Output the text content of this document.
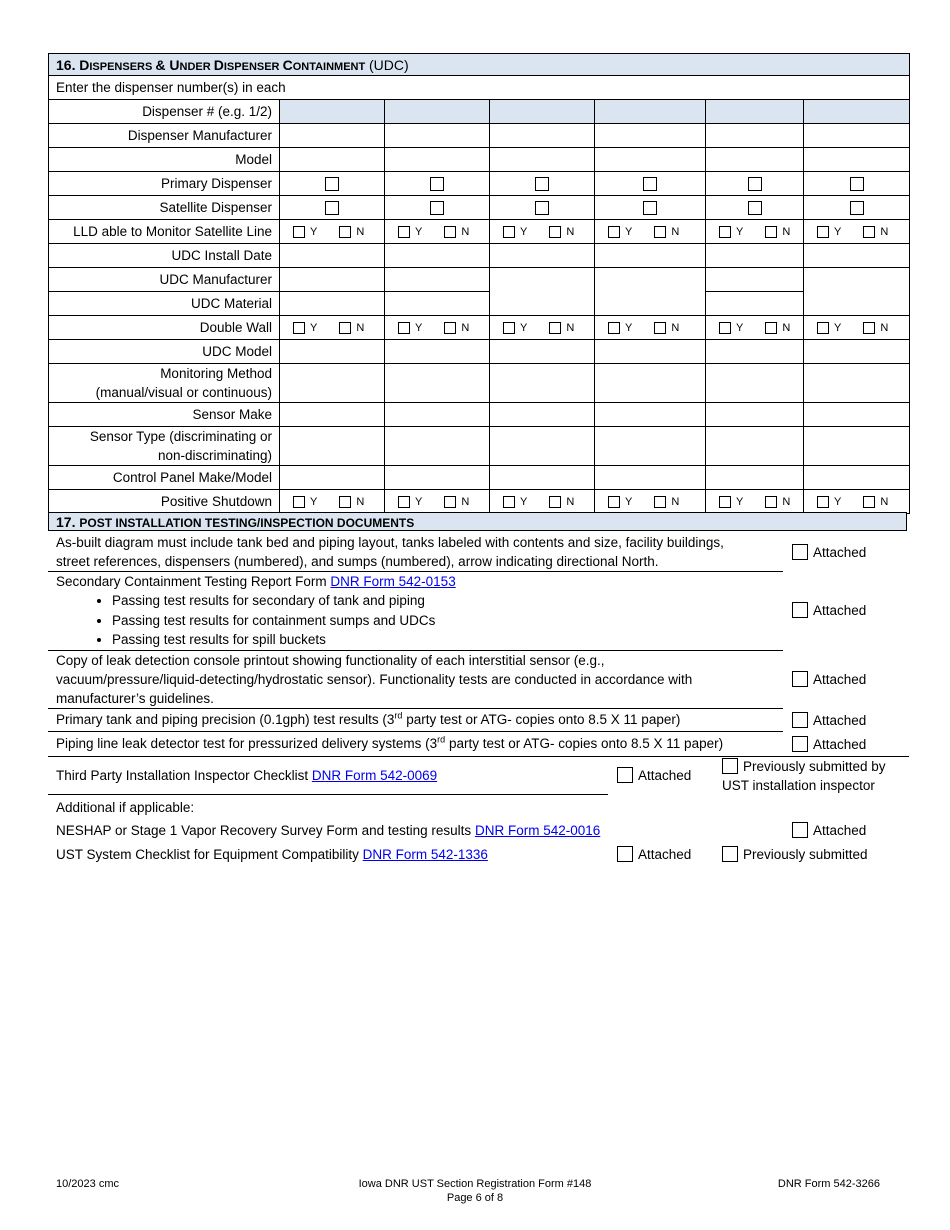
16. DISPENSERS & UNDER DISPENSER CONTAINMENT (UDC)						
Enter the dispenser number(s) in each						
Dispenser # (e.g. 1/2)						
Dispenser Manufacturer						
Model						
Primary Dispenser						
Satellite Dispenser						
LLD able to Monitor Satellite Line	Y N	Y N	Y N	Y N	Y N	Y N

UDC Install Date						
UDC Manufacturer						
UDC Material						
Double Wall	Y N	Y N	Y N	Y N	Y N	Y N

UDC Model						
Monitoring Method
(manual/visual or continuous)						
Sensor Make						
Sensor Type (discriminating or
non-discriminating)						
Control Panel Make/Model						
Positive Shutdown	Y N	Y N	Y N	Y N	Y N	Y N
17. POST INSTALLATION TESTING/INSPECTION DOCUMENTS
As-built diagram must include tank bed and piping layout, tanks labeled with contents and size, facility buildings,
street references, dispensers (numbered), and sumps (numbered), arrow indicating directional North.
Attached
Secondary Containment Testing Report Form DNR Form 542-0153
• Passing test results for secondary of tank and piping
• Passing test results for containment sumps and UDCs
• Passing test results for spill buckets
Attached
Copy of leak detection console printout showing functionality of each interstitial sensor (e.g.,
vacuum/pressure/liquid-detecting/hydrostatic sensor). Functionality tests are conducted in accordance with
manufacturer’s guidelines.
Attached
Primary tank and piping precision (0.1gph) test results (3rd party test or ATG- copies onto 8.5 X 11 paper)	Attached
Piping line leak detector test for pressurized delivery systems (3rd party test or ATG- copies onto 8.5 X 11 paper)	Attached
Third Party Installation Inspector Checklist DNR Form 542-0069	Attached
Previously submitted by
UST installation inspector
Additional if applicable:
NESHAP or Stage 1 Vapor Recovery Survey Form and testing results DNR Form 542-0016	Attached
UST System Checklist for Equipment Compatibility DNR Form 542-1336	Attached	Previously submitted
10/2023 cmc	Iowa DNR UST Section Registration Form #148
Page 6 of 8
DNR Form 542-3266
